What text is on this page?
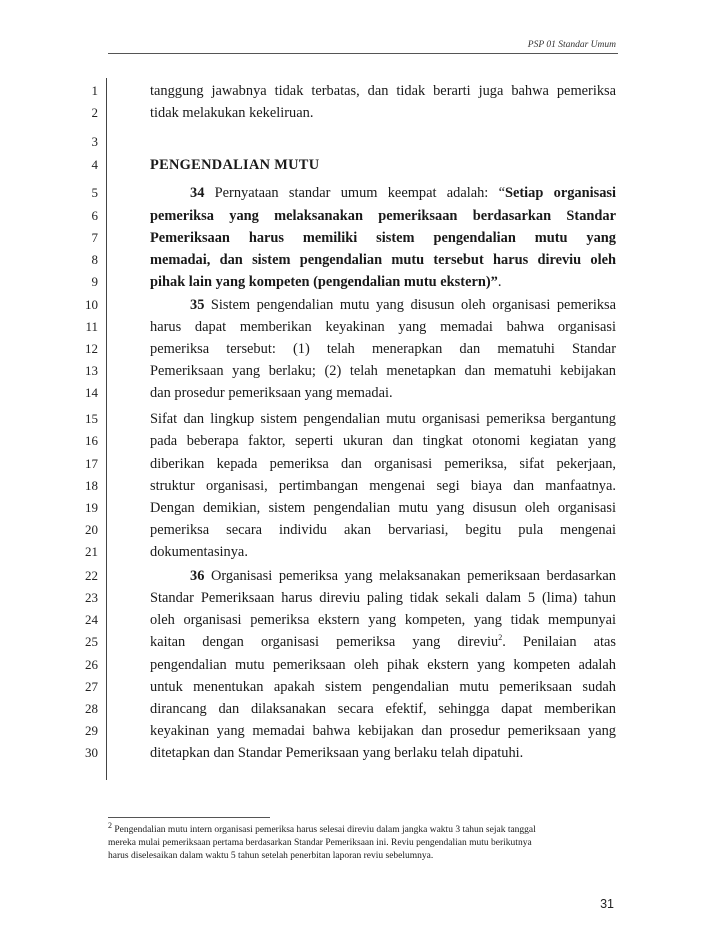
PSP 01 Standar Umum
1
2
3
4
5
6
7
8
9
10
11
12
13
14
15
16
17
18
19
20
21
22
23
24
25
26
27
28
29
30
tanggung jawabnya tidak terbatas, dan tidak berarti juga bahwa pemeriksa
tidak melakukan kekeliruan.
PENGENDALIAN MUTU
34 Pernyataan standar umum keempat adalah: “Setiap organisasi
pemeriksa yang melaksanakan pemeriksaan berdasarkan Standar
Pemeriksaan harus memiliki sistem pengendalian mutu yang
memadai, dan sistem pengendalian mutu tersebut harus direviu oleh
pihak lain yang kompeten (pengendalian mutu ekstern)”.
35 Sistem pengendalian mutu yang disusun oleh organisasi pemeriksa
harus dapat memberikan keyakinan yang memadai bahwa organisasi
pemeriksa tersebut: (1) telah menerapkan dan mematuhi Standar
Pemeriksaan yang berlaku; (2) telah menetapkan dan mematuhi kebijakan
dan prosedur pemeriksaan yang memadai.
Sifat dan lingkup sistem pengendalian mutu organisasi pemeriksa bergantung
pada beberapa faktor, seperti ukuran dan tingkat otonomi kegiatan yang
diberikan kepada pemeriksa dan organisasi pemeriksa, sifat pekerjaan,
struktur organisasi, pertimbangan mengenai segi biaya dan manfaatnya.
Dengan demikian, sistem pengendalian mutu yang disusun oleh organisasi
pemeriksa secara individu akan bervariasi, begitu pula mengenai
dokumentasinya.
36 Organisasi pemeriksa yang melaksanakan pemeriksaan berdasarkan
Standar Pemeriksaan harus direviu paling tidak sekali dalam 5 (lima) tahun
oleh organisasi pemeriksa ekstern yang kompeten, yang tidak mempunyai
kaitan dengan organisasi pemeriksa yang direviu$^2$. Penilaian atas
pengendalian mutu pemeriksaan oleh pihak ekstern yang kompeten adalah
untuk menentukan apakah sistem pengendalian mutu pemeriksaan sudah
dirancang dan dilaksanakan secara efektif, sehingga dapat memberikan
keyakinan yang memadai bahwa kebijakan dan prosedur pemeriksaan yang
ditetapkan dan Standar Pemeriksaan yang berlaku telah dipatuhi.
$^2$ Pengendalian mutu intern organisasi pemeriksa harus selesai direviu dalam jangka waktu 3 tahun sejak tanggal
mereka mulai pemeriksaan pertama berdasarkan Standar Pemeriksaan ini. Reviu pengendalian mutu berikutnya
harus diselesaikan dalam waktu 5 tahun setelah penerbitan laporan reviu sebelumnya.
31
